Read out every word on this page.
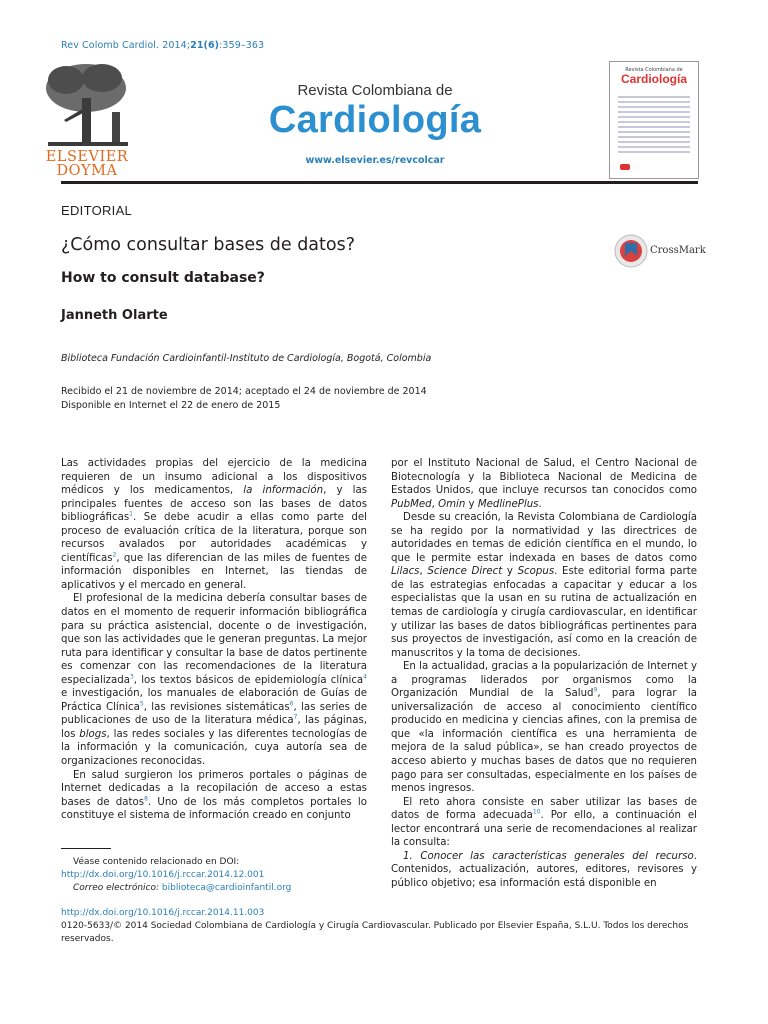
Rev Colomb Cardiol. 2014;21(6):359–363
ELSEVIER
DOYMA
Revista Colombiana de
Cardiología
www.elsevier.es/revcolcar
Revista Colombiana de
Cardiología
EDITORIAL
¿Cómo consultar bases de datos?
How to consult database?
Janneth Olarte
CrossMark
Biblioteca Fundación Cardioinfantil-Instituto de Cardiología, Bogotá, Colombia
Recibido el 21 de noviembre de 2014; aceptado el 24 de noviembre de 2014
Disponible en Internet el 22 de enero de 2015

Las actividades propias del ejercicio de la medicina requieren de un insumo adicional a los dispositivos médicos y los medicamentos, la información, y las principales fuentes de acceso son las bases de datos bibliográficas$^1$. Se debe acudir a ellas como parte del proceso de evaluación crítica de la literatura, porque son recursos avalados por autoridades académicas y científicas$^2$, que las diferencian de las miles de fuentes de información disponibles en Internet, las tiendas de aplicativos y el mercado en general.

El profesional de la medicina debería consultar bases de datos en el momento de requerir información bibliográfica para su práctica asistencial, docente o de investigación, que son las actividades que le generan preguntas. La mejor ruta para identificar y consultar la base de datos pertinente es comenzar con las recomendaciones de la literatura especializada$^3$, los textos básicos de epidemiología clínica$^4$ e investigación, los manuales de elaboración de Guías de Práctica Clínica$^5$, las revisiones sistemáticas$^6$, las series de publicaciones de uso de la literatura médica$^7$, las páginas, los blogs, las redes sociales y las diferentes tecnologías de la información y la comunicación, cuya autoría sea de organizaciones reconocidas.

En salud surgieron los primeros portales o páginas de Internet dedicadas a la recopilación de acceso a estas bases de datos$^8$. Uno de los más completos portales lo constituye el sistema de información creado en conjunto

por el Instituto Nacional de Salud, el Centro Nacional de Biotecnología y la Biblioteca Nacional de Medicina de Estados Unidos, que incluye recursos tan conocidos como PubMed, Omin y MedlinePlus.

Desde su creación, la Revista Colombiana de Cardiología se ha regido por la normatividad y las directrices de autoridades en temas de edición científica en el mundo, lo que le permite estar indexada en bases de datos como Lilacs, Science Direct y Scopus. Este editorial forma parte de las estrategias enfocadas a capacitar y educar a los especialistas que la usan en su rutina de actualización en temas de cardiología y cirugía cardiovascular, en identificar y utilizar las bases de datos bibliográficas pertinentes para sus proyectos de investigación, así como en la creación de manuscritos y la toma de decisiones.

En la actualidad, gracias a la popularización de Internet y a programas liderados por organismos como la Organización Mundial de la Salud$^9$, para lograr la universalización de acceso al conocimiento científico producido en medicina y ciencias afines, con la premisa de que «la información científica es una herramienta de mejora de la salud pública», se han creado proyectos de acceso abierto y muchas bases de datos que no requieren pago para ser consultadas, especialmente en los países de menos ingresos.

El reto ahora consiste en saber utilizar las bases de datos de forma adecuada$^{10}$. Por ello, a continuación el lector encontrará una serie de recomendaciones al realizar la consulta:

1. Conocer las características generales del recurso. Contenidos, actualización, autores, editores, revisores y público objetivo; esa información está disponible en

Véase contenido relacionado en DOI: http://dx.doi.org/10.1016/j.rccar.2014.12.001
Correo electrónico: biblioteca@cardioinfantil.org
http://dx.doi.org/10.1016/j.rccar.2014.11.003
0120-5633/© 2014 Sociedad Colombiana de Cardiología y Cirugía Cardiovascular. Publicado por Elsevier España, S.L.U. Todos los derechos reservados.
